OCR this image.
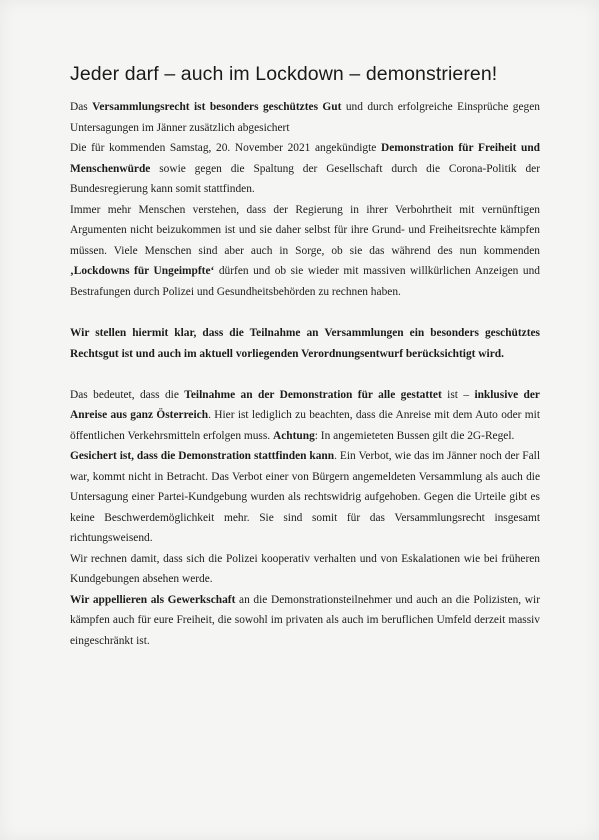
Jeder darf – auch im Lockdown – demonstrieren!

Das Versammlungsrecht ist besonders geschütztes Gut und durch erfolgreiche Einsprüche gegen Untersagungen im Jänner zusätzlich abgesichert

Die für kommenden Samstag, 20. November 2021 angekündigte Demonstration für Freiheit und Menschenwürde sowie gegen die Spaltung der Gesellschaft durch die Corona-Politik der Bundesregierung kann somit stattfinden.

Immer mehr Menschen verstehen, dass der Regierung in ihrer Verbohrtheit mit vernünftigen Argumenten nicht beizukommen ist und sie daher selbst für ihre Grund- und Freiheitsrechte kämpfen müssen. Viele Menschen sind aber auch in Sorge, ob sie das während des nun kommenden ‚Lockdowns für Ungeimpfte‘ dürfen und ob sie wieder mit massiven willkürlichen Anzeigen und Bestrafungen durch Polizei und Gesundheitsbehörden zu rechnen haben.

Wir stellen hiermit klar, dass die Teilnahme an Versammlungen ein besonders geschütztes Rechtsgut ist und auch im aktuell vorliegenden Verordnungsentwurf berücksichtigt wird.

Das bedeutet, dass die Teilnahme an der Demonstration für alle gestattet ist – inklusive der Anreise aus ganz Österreich. Hier ist lediglich zu beachten, dass die Anreise mit dem Auto oder mit öffentlichen Verkehrsmitteln erfolgen muss. Achtung: In angemieteten Bussen gilt die 2G-Regel.

Gesichert ist, dass die Demonstration stattfinden kann. Ein Verbot, wie das im Jänner noch der Fall war, kommt nicht in Betracht. Das Verbot einer von Bürgern angemeldeten Versammlung als auch die Untersagung einer Partei-Kundgebung wurden als rechtswidrig aufgehoben. Gegen die Urteile gibt es keine Beschwerdemöglichkeit mehr. Sie sind somit für das Versammlungsrecht insgesamt richtungsweisend.

Wir rechnen damit, dass sich die Polizei kooperativ verhalten und von Eskalationen wie bei früheren Kundgebungen absehen werde.

Wir appellieren als Gewerkschaft an die Demonstrationsteilnehmer und auch an die Polizisten, wir kämpfen auch für eure Freiheit, die sowohl im privaten als auch im beruflichen Umfeld derzeit massiv eingeschränkt ist.
